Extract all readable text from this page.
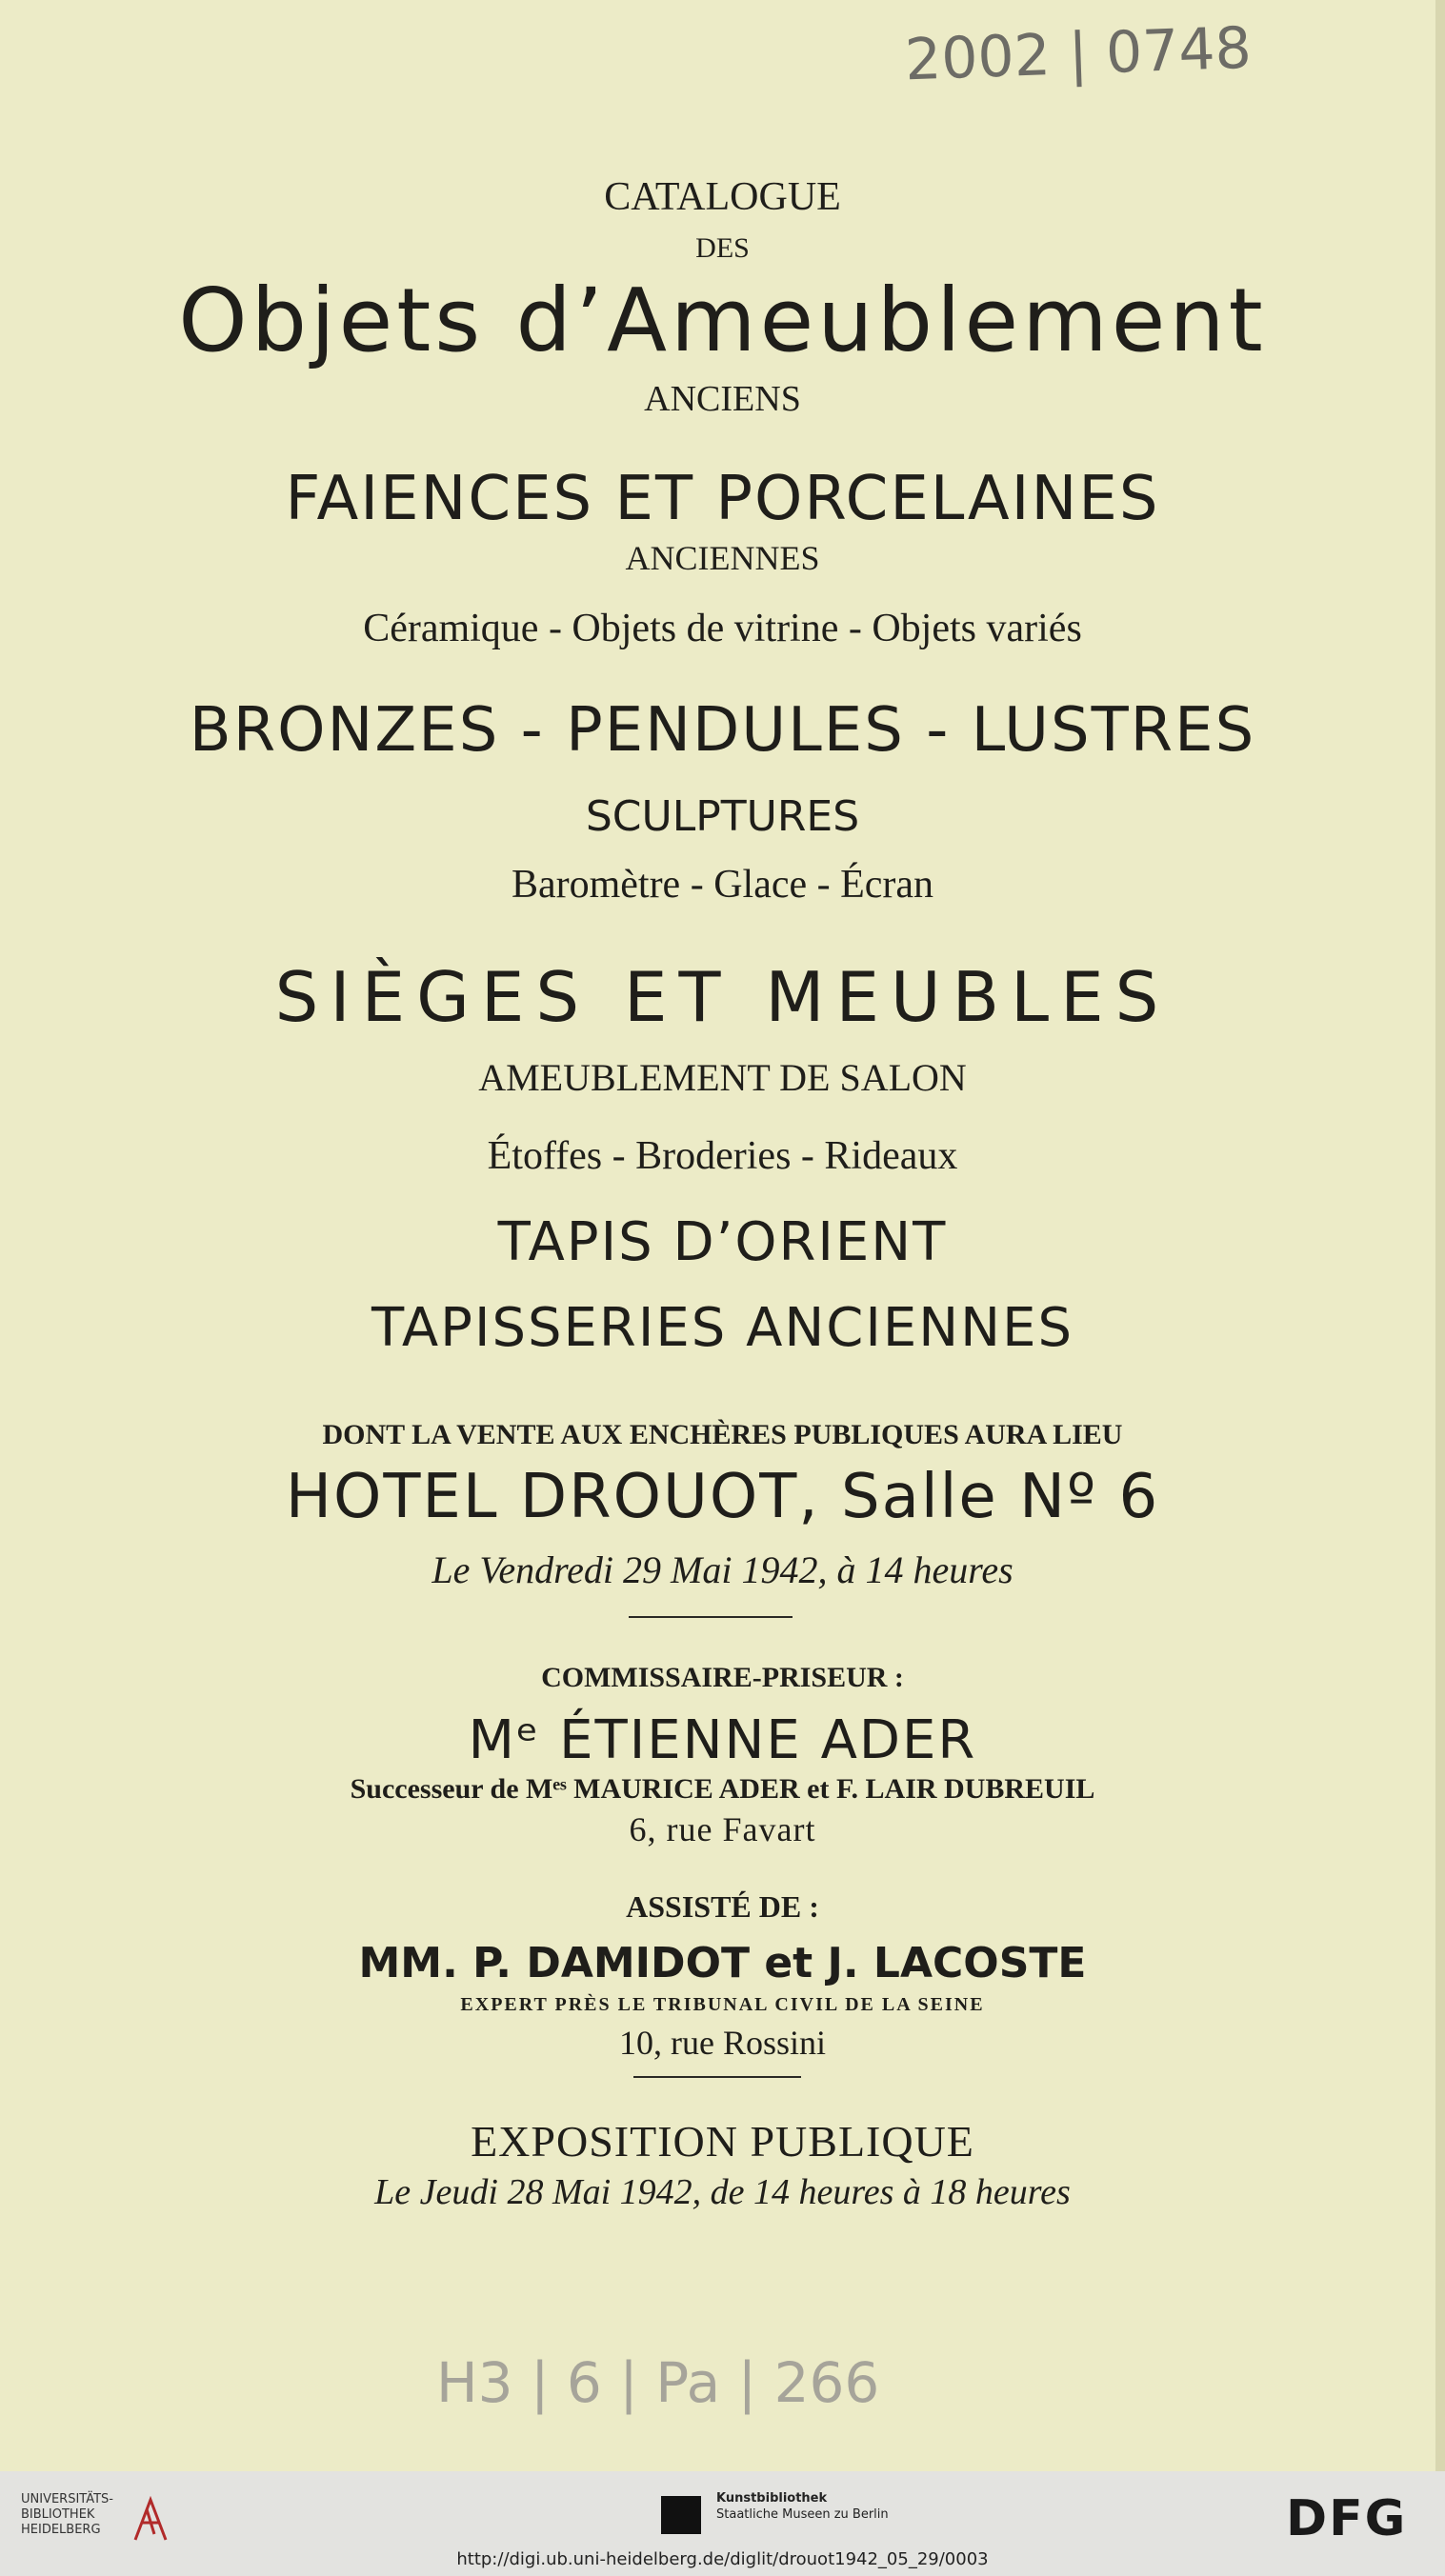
2002 | 0748
CATALOGUE
DES
Objets d’Ameublement
ANCIENS
FAIENCES ET PORCELAINES
ANCIENNES
Céramique - Objets de vitrine - Objets variés
BRONZES - PENDULES - LUSTRES
SCULPTURES
Baromètre - Glace - Écran
SIÈGES ET MEUBLES
AMEUBLEMENT DE SALON
Étoffes - Broderies - Rideaux
TAPIS D’ORIENT
TAPISSERIES ANCIENNES
DONT LA VENTE AUX ENCHÈRES PUBLIQUES AURA LIEU
HOTEL DROUOT, Salle Nº 6
Le Vendredi 29 Mai 1942, à 14 heures
COMMISSAIRE-PRISEUR :
Mᵉ ÉTIENNE ADER
Successeur de Mᵉˢ MAURICE ADER et F. LAIR DUBREUIL
6, rue Favart
ASSISTÉ DE :
MM. P. DAMIDOT et J. LACOSTE
EXPERT PRÈS LE TRIBUNAL CIVIL DE LA SEINE
10, rue Rossini
EXPOSITION PUBLIQUE
Le Jeudi 28 Mai 1942, de 14 heures à 18 heures
H3 | 6 | Pa | 266
UNIVERSITÄTS-
BIBLIOTHEK
HEIDELBERG
Kunstbibliothek
Staatliche Museen zu Berlin	DFG
http://digi.ub.uni-heidelberg.de/diglit/drouot1942_05_29/0003
